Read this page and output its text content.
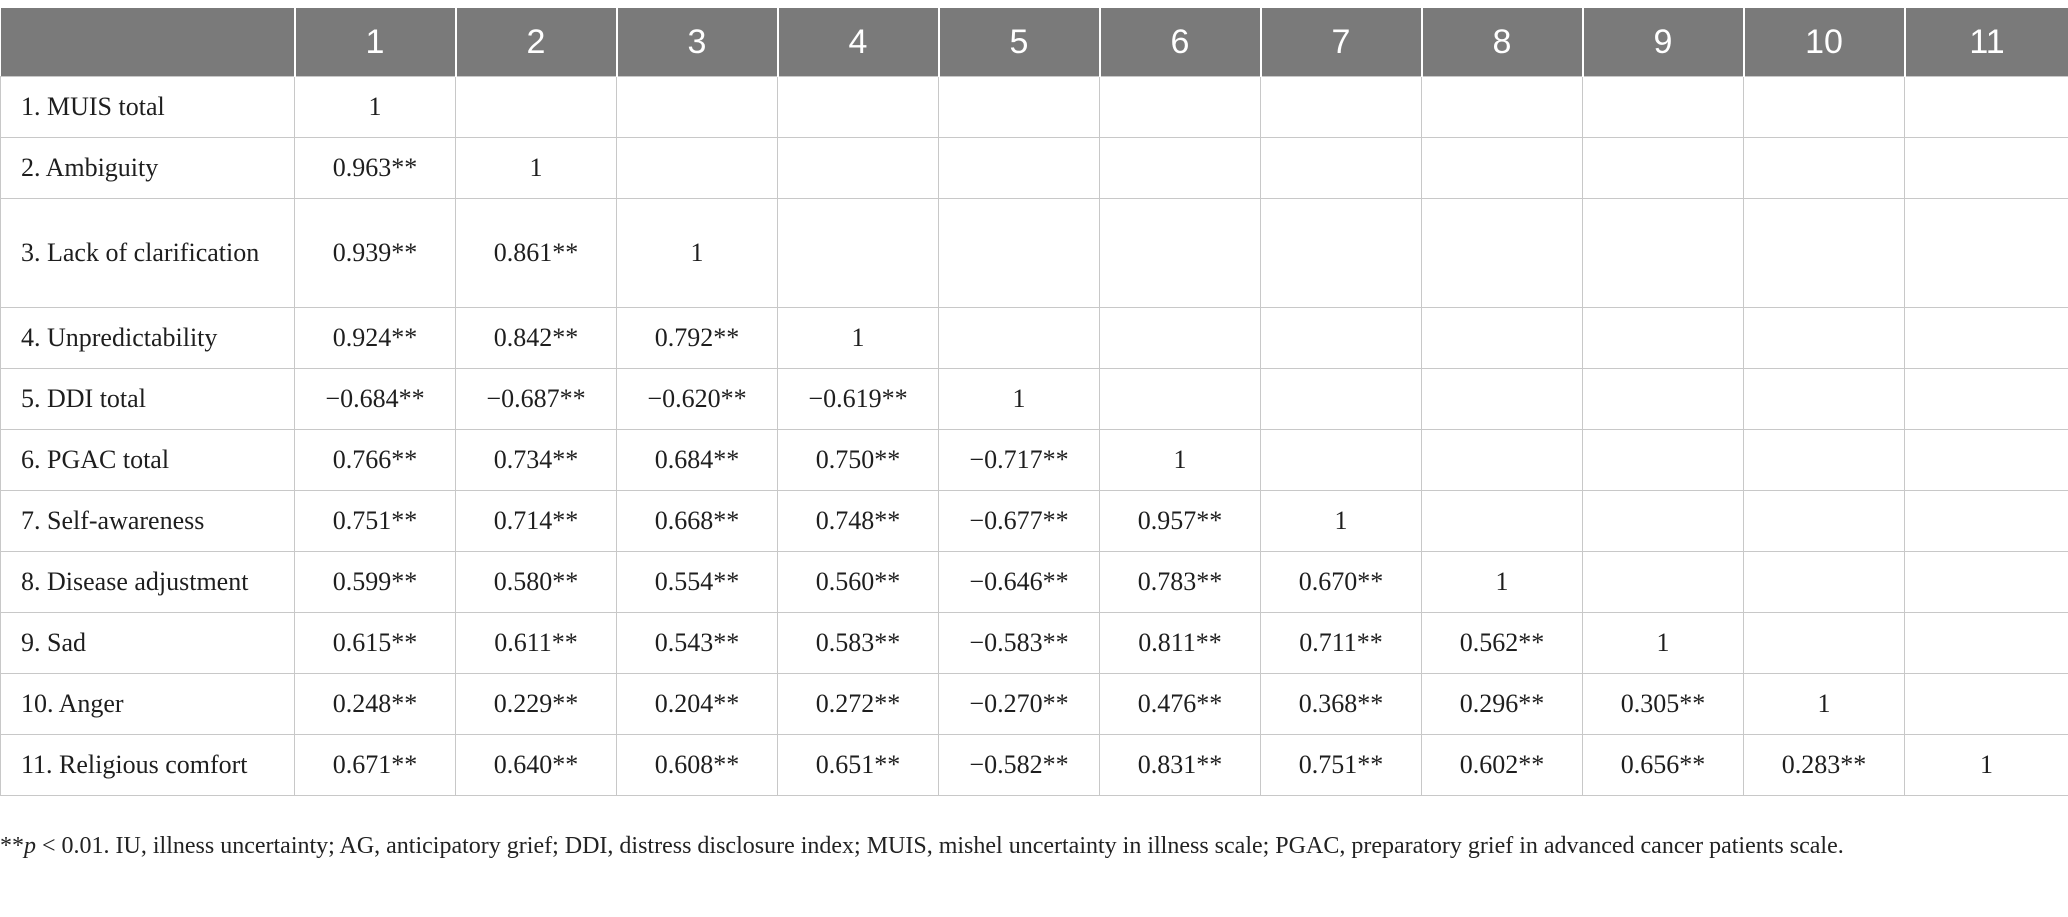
	1	2	3	4	5	6	7	8	9	10	11
1. MUIS total	1										
2. Ambiguity	0.963**	1									
3. Lack of clarification	0.939**	0.861**	1								
4. Unpredictability	0.924**	0.842**	0.792**	1							
5. DDI total	−0.684**	−0.687**	−0.620**	−0.619**	1						
6. PGAC total	0.766**	0.734**	0.684**	0.750**	−0.717**	1					
7. Self-awareness	0.751**	0.714**	0.668**	0.748**	−0.677**	0.957**	1				
8. Disease adjustment	0.599**	0.580**	0.554**	0.560**	−0.646**	0.783**	0.670**	1			
9. Sad	0.615**	0.611**	0.543**	0.583**	−0.583**	0.811**	0.711**	0.562**	1		
10. Anger	0.248**	0.229**	0.204**	0.272**	−0.270**	0.476**	0.368**	0.296**	0.305**	1	
11. Religious comfort	0.671**	0.640**	0.608**	0.651**	−0.582**	0.831**	0.751**	0.602**	0.656**	0.283**	1
**p < 0.01. IU, illness uncertainty; AG, anticipatory grief; DDI, distress disclosure index; MUIS, mishel uncertainty in illness scale; PGAC, preparatory grief in advanced cancer patients scale.
